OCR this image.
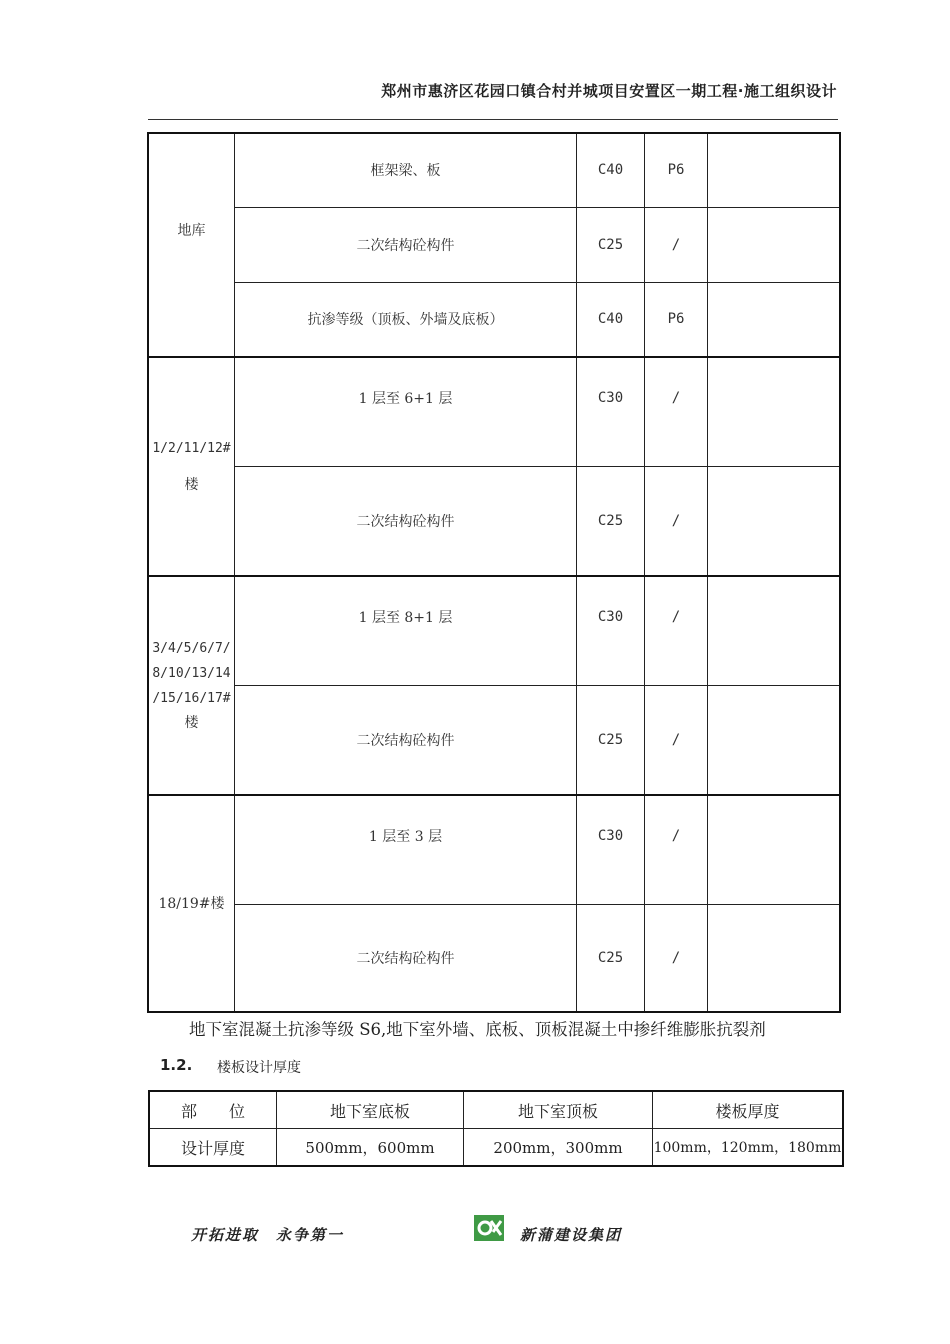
郑州市惠济区花园口镇合村并城项目安置区一期工程·施工组织设计
地库	框架梁、板	C40	P6	
	二次结构砼构件	C25	/	
	抗渗等级（顶板、外墙及底板）	C40	P6	

1/2/11/12#
楼	1 层至 6+1 层	C30	/	
	二次结构砼构件	C25	/	

3/4/5/6/7/
8/10/13/14
/15/16/17#
楼	1 层至 8+1 层	C30	/	
	二次结构砼构件	C25	/	
18/19#楼	1 层至 3 层	C30	/	
	二次结构砼构件	C25	/	
地下室混凝土抗渗等级 S6,地下室外墙、底板、顶板混凝土中掺纤维膨胀抗裂剂
1.2. 楼板设计厚度
部　　位	地下室底板	地下室顶板	楼板厚度
设计厚度	500mm，600mm	200mm，300mm	100mm，120mm，180mm
开拓进取　永争第一	新蒲建设集团
